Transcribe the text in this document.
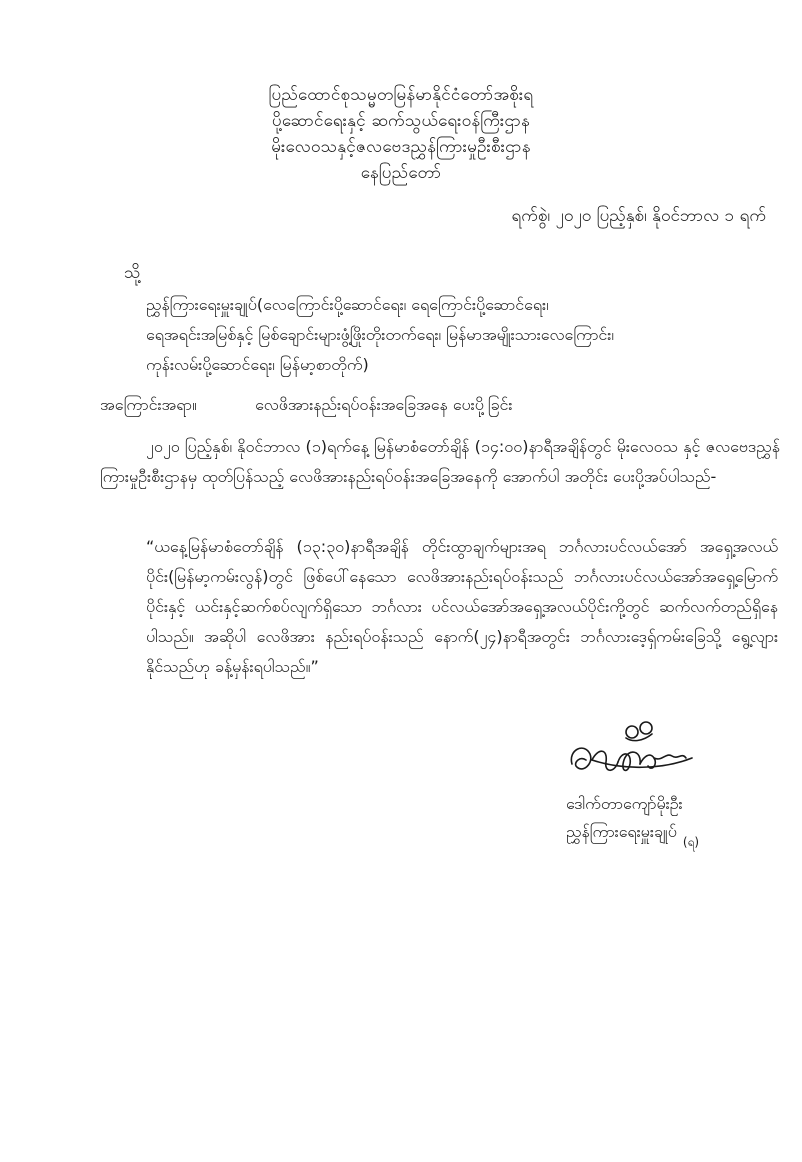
ပြည်ထောင်စုသမ္မတမြန်မာနိုင်ငံတော်အစိုးရ
ပို့ဆောင်ရေးနှင့် ဆက်သွယ်ရေးဝန်ကြီးဌာန
မိုးလေဝသနှင့်ဇလဗေဒညွှန်ကြားမှုဦးစီးဌာန
နေပြည်တော်
ရက်စွဲ၊ ၂၀၂၀ ပြည့်နှစ်၊ နိုဝင်ဘာလ ၁ ရက်
သို့
ညွှန်ကြားရေးမှူးချုပ်(လေကြောင်းပို့ဆောင်ရေး၊ ရေကြောင်းပို့ဆောင်ရေး၊
ရေအရင်းအမြစ်နှင့် မြစ်ချောင်းများဖွံ့ဖြိုးတိုးတက်ရေး၊ မြန်မာအမျိုးသားလေကြောင်း၊
ကုန်းလမ်းပို့ဆောင်ရေး၊ မြန်မာ့စာတိုက်)
အကြောင်းအရာ။	လေဖိအားနည်းရပ်ဝန်းအခြေအနေ ပေးပို့ခြင်း
၂၀၂၀ ပြည့်နှစ်၊ နိုဝင်ဘာလ (၁)ရက်နေ့ မြန်မာစံတော်ချိန် (၁၄:၀၀)နာရီအချိန်တွင် မိုးလေဝသ နှင့် ဇလဗေဒညွှန်ကြားမှုဦးစီးဌာနမှ ထုတ်ပြန်သည့် လေဖိအားနည်းရပ်ဝန်းအခြေအနေကို အောက်ပါ အတိုင်း ပေးပို့အပ်ပါသည်-
“ယနေ့မြန်မာစံတော်ချိန် (၁၃:၃၀)နာရီအချိန် တိုင်းထွာချက်များအရ ဘင်္ဂလားပင်လယ်အော် အရှေ့အလယ်ပိုင်း(မြန်မာ့ကမ်းလွန်)တွင် ဖြစ်ပေါ်နေသော လေဖိအားနည်းရပ်ဝန်းသည် ဘင်္ဂလားပင်လယ်အော်အရှေ့မြောက်ပိုင်းနှင့် ယင်းနှင့်ဆက်စပ်လျက်ရှိသော ဘင်္ဂလား ပင်လယ်အော်အရှေ့အလယ်ပိုင်းကို့တွင် ဆက်လက်တည်ရှိနေပါသည်။ အဆိုပါ လေဖိအား နည်းရပ်ဝန်းသည် နောက်(၂၄)နာရီအတွင်း ဘင်္ဂလားဒေ့ရှ်ကမ်းခြေသို့ ရွေ့လျားနိုင်သည်ဟု ခန့်မှန်းရပါသည်။”
ဒေါက်တာကျော်မိုးဦး
ညွှန်ကြားရေးမှူးချုပ်
(ရ)
